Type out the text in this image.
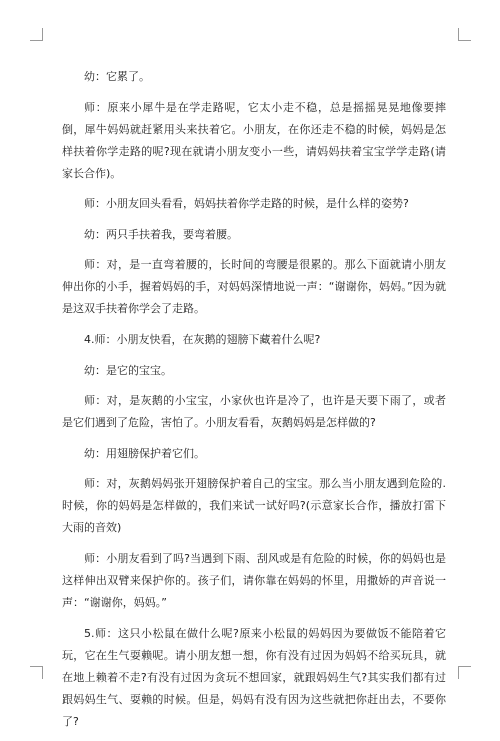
幼：它累了。

师：原来小犀牛是在学走路呢，它太小走不稳，总是摇摇晃晃地像要摔倒，犀牛妈妈就赶紧用头来扶着它。小朋友，在你还走不稳的时候，妈妈是怎样扶着你学走路的呢?现在就请小朋友变小一些，请妈妈扶着宝宝学学走路(请家长合作)。

师：小朋友回头看看，妈妈扶着你学走路的时候，是什么样的姿势?

幼：两只手扶着我，要弯着腰。

师：对，是一直弯着腰的，长时间的弯腰是很累的。那么下面就请小朋友伸出你的小手，握着妈妈的手，对妈妈深情地说一声：“谢谢你，妈妈。”因为就是这双手扶着你学会了走路。

4.师：小朋友快看，在灰鹅的翅膀下藏着什么呢?

幼：是它的宝宝。

师：对，是灰鹅的小宝宝，小家伙也许是冷了，也许是天要下雨了，或者是它们遇到了危险，害怕了。小朋友看看，灰鹅妈妈是怎样做的?

幼：用翅膀保护着它们。

师：对，灰鹅妈妈张开翅膀保护着自己的宝宝。那么当小朋友遇到危险的.时候，你的妈妈是怎样做的，我们来试一试好吗?(示意家长合作，播放打雷下大雨的音效)

师：小朋友看到了吗?当遇到下雨、刮风或是有危险的时候，你的妈妈也是这样伸出双臂来保护你的。孩子们，请你靠在妈妈的怀里，用撒娇的声音说一声：“谢谢你，妈妈。”

5.师：这只小松鼠在做什么呢?原来小松鼠的妈妈因为要做饭不能陪着它玩，它在生气耍赖呢。请小朋友想一想，你有没有过因为妈妈不给买玩具，就在地上赖着不走?有没有过因为贪玩不想回家，就跟妈妈生气?其实我们都有过跟妈妈生气、耍赖的时候。但是，妈妈有没有因为这些就把你赶出去，不要你了?
